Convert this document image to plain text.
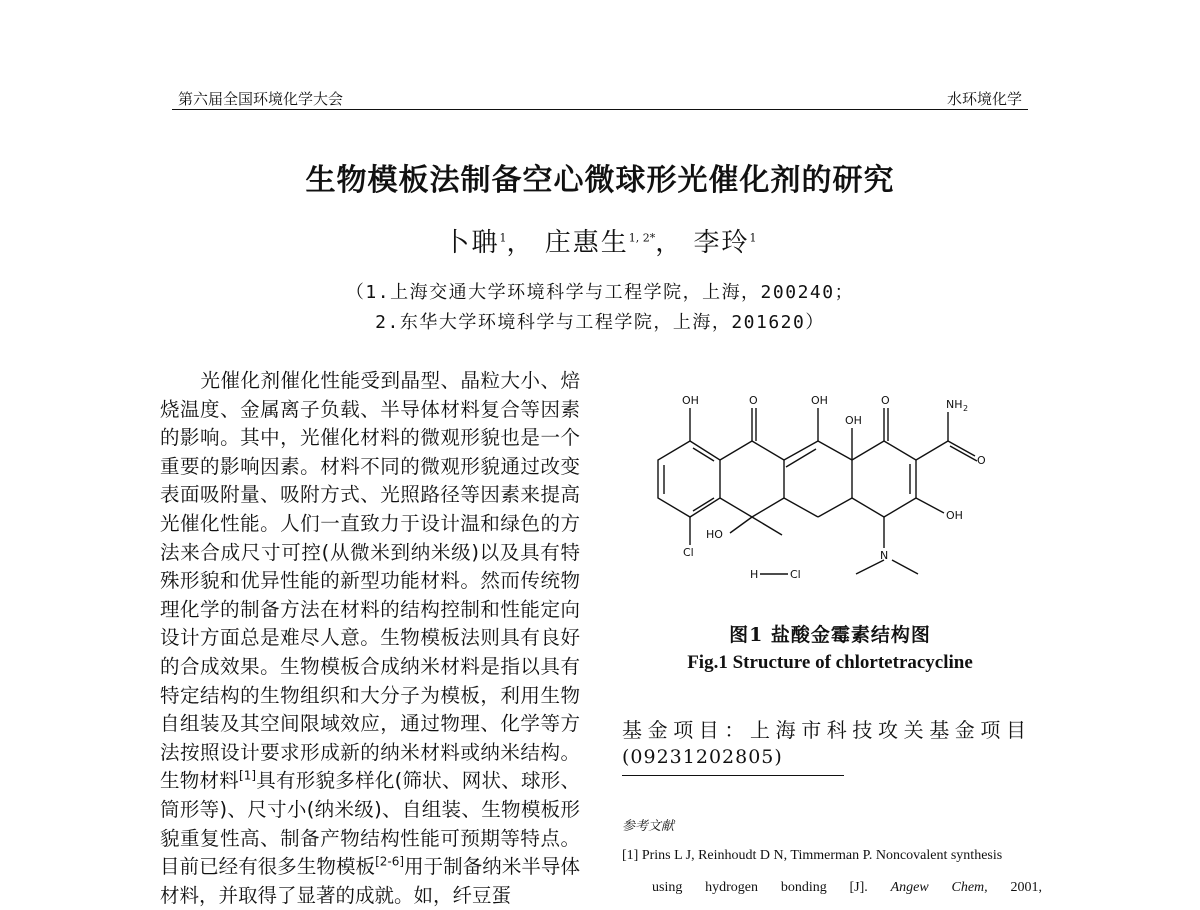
第六届全国环境化学大会	水环境化学
生物模板法制备空心微球形光催化剂的研究
卜聃$^1$， 庄惠生$^{1, 2*}$， 李玲$^1$
（1.上海交通大学环境科学与工程学院，上海，200240；
2.东华大学环境科学与工程学院，上海，201620）
光催化剂催化性能受到晶型、晶粒大小、焙烧温度、金属离子负载、半导体材料复合等因素的影响。其中，光催化材料的微观形貌也是一个重要的影响因素。材料不同的微观形貌通过改变表面吸附量、吸附方式、光照路径等因素来提高光催化性能。人们一直致力于设计温和绿色的方法来合成尺寸可控(从微米到纳米级)以及具有特殊形貌和优异性能的新型功能材料。然而传统物理化学的制备方法在材料的结构控制和性能定向设计方面总是难尽人意。生物模板法则具有良好的合成效果。生物模板合成纳米材料是指以具有特定结构的生物组织和大分子为模板，利用生物自组装及其空间限域效应，通过物理、化学等方法按照设计要求形成新的纳米材料或纳米结构。生物材料[1]具有形貌多样化(筛状、网状、球形、筒形等)、尺寸小(纳米级)、自组装、生物模板形貌重复性高、制备产物结构性能可预期等特点。目前已经有很多生物模板[2-6]用于制备纳米半导体材料，并取得了显著的成就。如，纤豆蛋
OH	O	OH
OH
O	NH 2
O
OH
Cl
HO
H	Cl
N
图1 盐酸金霉素结构图
Fig.1 Structure of chlortetracycline
基金项目：上海市科技攻关基金项目
(09231202805)
参考文献
[1] Prins L J, Reinhoudt D N, Timmerman P. Noncovalent synthesis
using hydrogen bonding [J]. Angew Chem, 2001,
